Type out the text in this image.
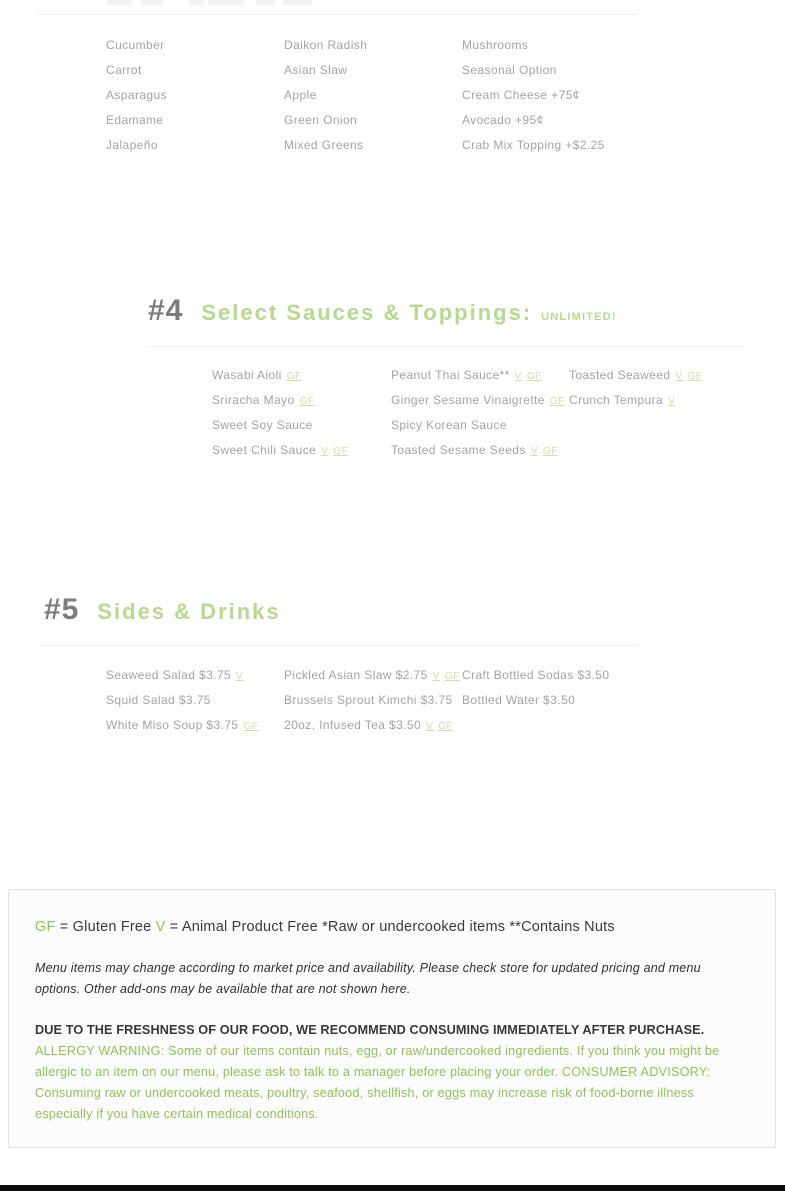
Cucumber
Carrot
Asparagus
Edamame
Jalapeño
Daikon Radish
Asian Slaw
Apple
Green Onion
Mixed Greens
Mushrooms
Seasonal Option
Cream Cheese +75¢
Avocado +95¢
Crab Mix Topping +$2.25
#4 Select Sauces & Toppings: UNLIMITED!
Wasabi Aioli GF
Sriracha Mayo GF
Sweet Soy Sauce
Sweet Chili Sauce V GF
Peanut Thai Sauce** V GF
Ginger Sesame Vinaigrette GF
Spicy Korean Sauce
Toasted Sesame Seeds V GF
Toasted Seaweed V GF
Crunch Tempura V
#5 Sides & Drinks
Seaweed Salad $3.75 V
Squid Salad $3.75
White Miso Soup $3.75 GF
Pickled Asian Slaw $2.75 V GF
Brussels Sprout Kimchi $3.75
20oz. Infused Tea $3.50 V GF
Craft Bottled Sodas $3.50
Bottled Water $3.50
GF = Gluten Free V = Animal Product Free *Raw or undercooked items **Contains Nuts
Menu items may change according to market price and availability. Please check store for updated pricing and menu options. Other add-ons may be available that are not shown here.
DUE TO THE FRESHNESS OF OUR FOOD, WE RECOMMEND CONSUMING IMMEDIATELY AFTER PURCHASE. ALLERGY WARNING: Some of our items contain nuts, egg, or raw/undercooked ingredients. If you think you might be allergic to an item on our menu, please ask to talk to a manager before placing your order. CONSUMER ADVISORY: Consuming raw or undercooked meats, poultry, seafood, shellfish, or eggs may increase risk of food-borne illness especially if you have certain medical conditions.
